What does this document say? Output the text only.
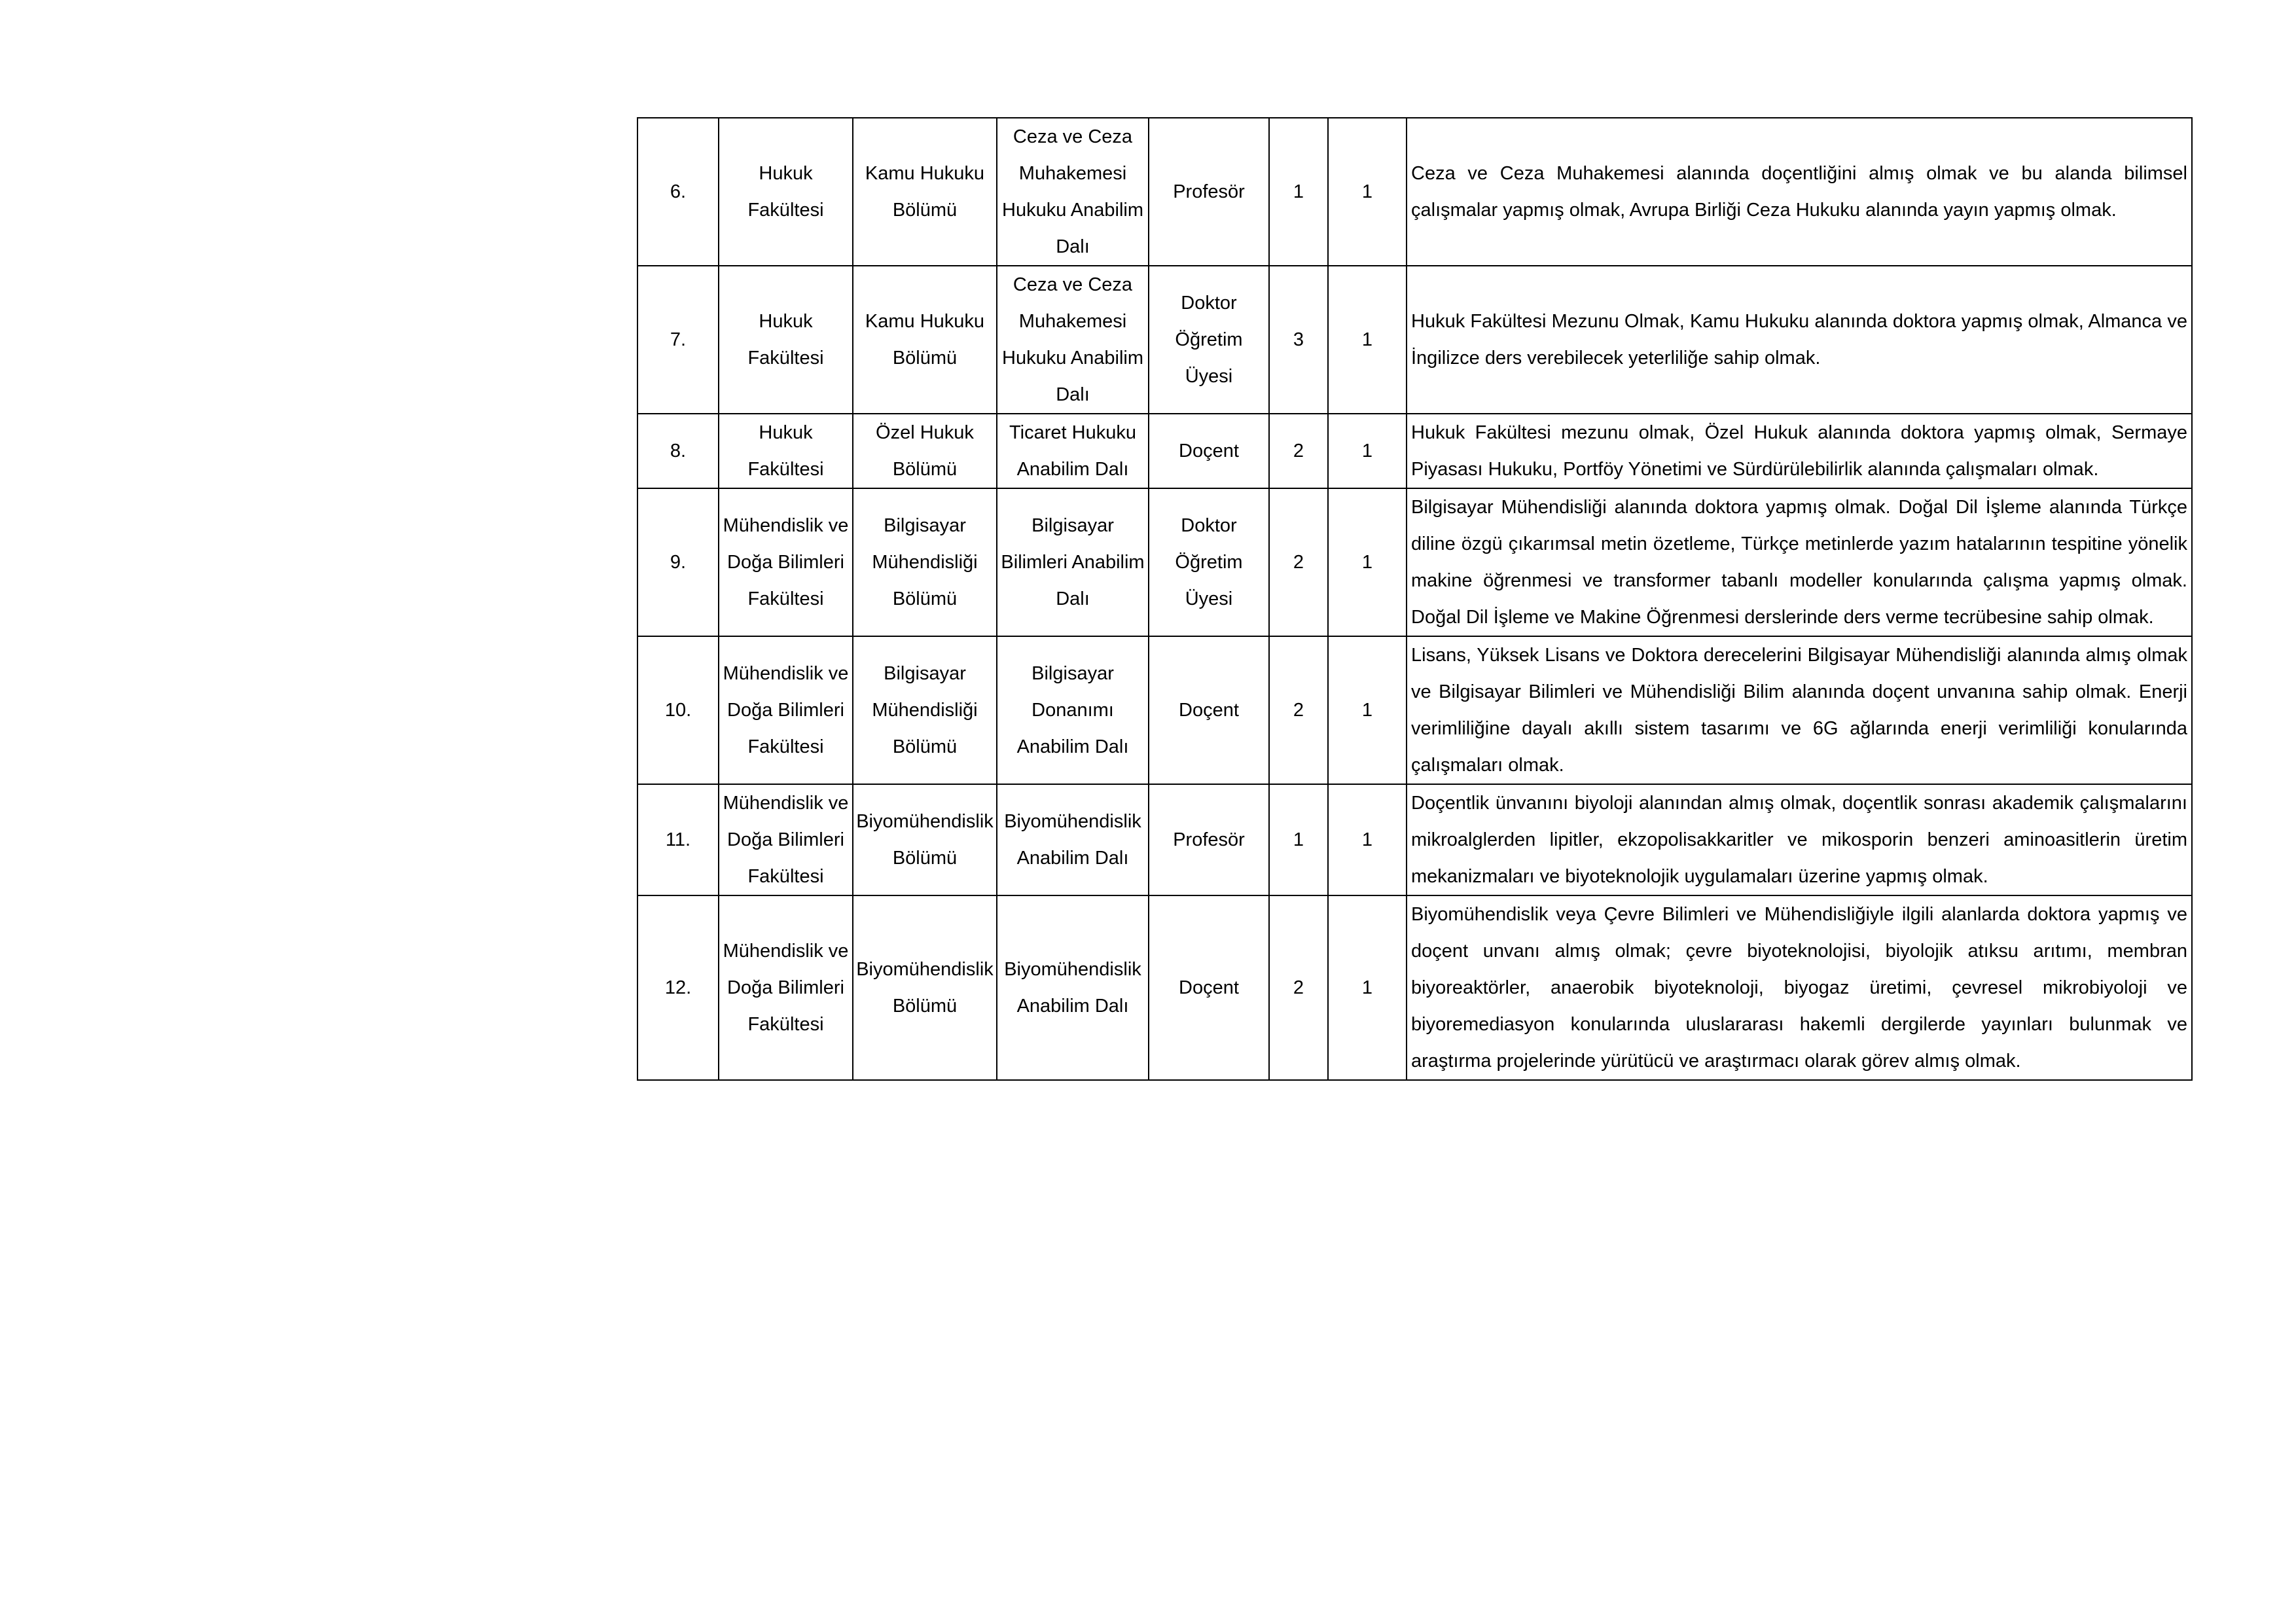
6.	Hukuk Fakültesi	Kamu Hukuku Bölümü	Ceza ve Ceza Muhakemesi Hukuku Anabilim Dalı	Profesör	1	1	Ceza ve Ceza Muhakemesi alanında doçentliğini almış olmak ve bu alanda bilimsel çalışmalar yapmış olmak, Avrupa Birliği Ceza Hukuku alanında yayın yapmış olmak.
7.	Hukuk Fakültesi	Kamu Hukuku Bölümü	Ceza ve Ceza Muhakemesi Hukuku Anabilim Dalı	Doktor Öğretim Üyesi	3	1	Hukuk Fakültesi Mezunu Olmak, Kamu Hukuku alanında doktora yapmış olmak, Almanca ve İngilizce ders verebilecek yeterliliğe sahip olmak.
8.	Hukuk Fakültesi	Özel Hukuk Bölümü	Ticaret Hukuku Anabilim Dalı	Doçent	2	1	Hukuk Fakültesi mezunu olmak, Özel Hukuk alanında doktora yapmış olmak, Sermaye Piyasası Hukuku, Portföy Yönetimi ve Sürdürülebilirlik alanında çalışmaları olmak.
9.	Mühendislik ve Doğa Bilimleri Fakültesi	Bilgisayar Mühendisliği Bölümü	Bilgisayar Bilimleri Anabilim Dalı	Doktor Öğretim Üyesi	2	1	Bilgisayar Mühendisliği alanında doktora yapmış olmak. Doğal Dil İşleme alanında Türkçe diline özgü çıkarımsal metin özetleme, Türkçe metinlerde yazım hatalarının tespitine yönelik makine öğrenmesi ve transformer tabanlı modeller konularında çalışma yapmış olmak. Doğal Dil İşleme ve Makine Öğrenmesi derslerinde ders verme tecrübesine sahip olmak.
10.	Mühendislik ve Doğa Bilimleri Fakültesi	Bilgisayar Mühendisliği Bölümü	Bilgisayar Donanımı Anabilim Dalı	Doçent	2	1	Lisans, Yüksek Lisans ve Doktora derecelerini Bilgisayar Mühendisliği alanında almış olmak ve Bilgisayar Bilimleri ve Mühendisliği Bilim alanında doçent unvanına sahip olmak. Enerji verimliliğine dayalı akıllı sistem tasarımı ve 6G ağlarında enerji verimliliği konularında çalışmaları olmak.
11.	Mühendislik ve Doğa Bilimleri Fakültesi	Biyomühendislik Bölümü	Biyomühendislik Anabilim Dalı	Profesör	1	1	Doçentlik ünvanını biyoloji alanından almış olmak, doçentlik sonrası akademik çalışmalarını mikroalglerden lipitler, ekzopolisakkaritler ve mikosporin benzeri aminoasitlerin üretim mekanizmaları ve biyoteknolojik uygulamaları üzerine yapmış olmak.
12.	Mühendislik ve Doğa Bilimleri Fakültesi	Biyomühendislik Bölümü	Biyomühendislik Anabilim Dalı	Doçent	2	1	Biyomühendislik veya Çevre Bilimleri ve Mühendisliğiyle ilgili alanlarda doktora yapmış ve doçent unvanı almış olmak; çevre biyoteknolojisi, biyolojik atıksu arıtımı, membran biyoreaktörler, anaerobik biyoteknoloji, biyogaz üretimi, çevresel mikrobiyoloji ve biyoremediasyon konularında uluslararası hakemli dergilerde yayınları bulunmak ve araştırma projelerinde yürütücü ve araştırmacı olarak görev almış olmak.
